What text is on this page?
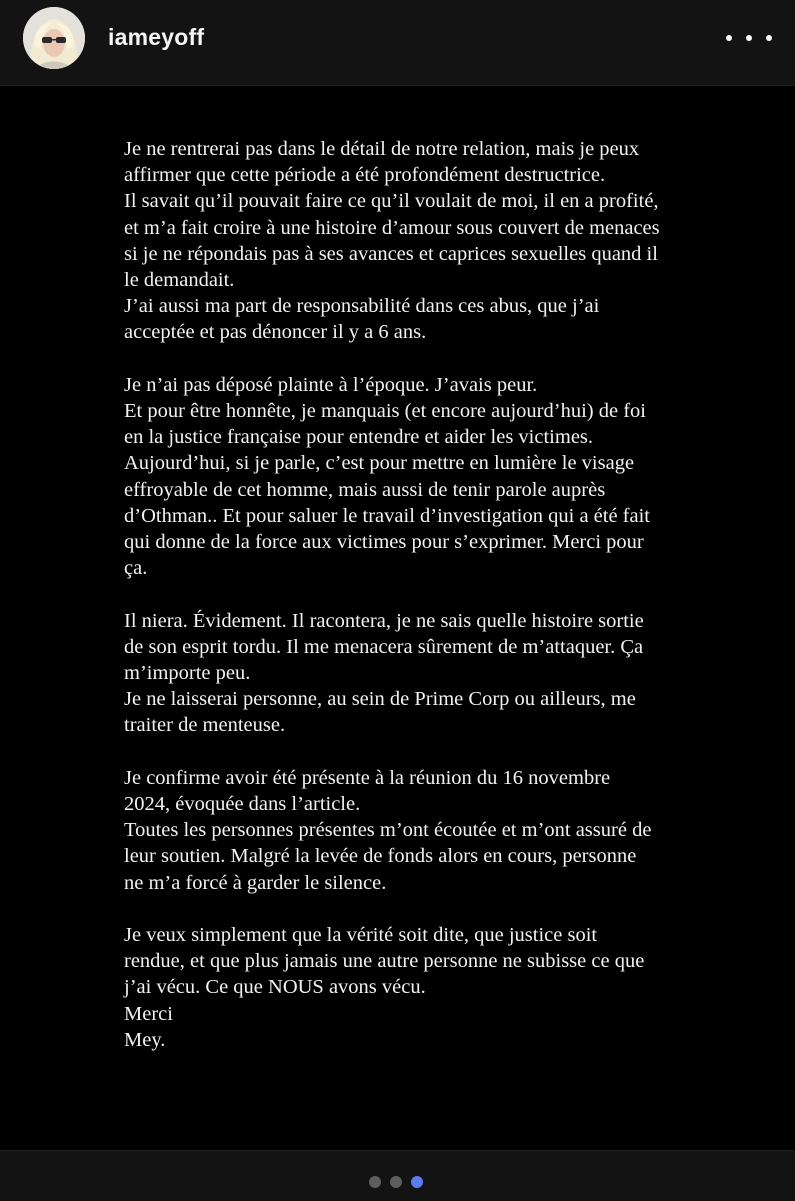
iameyoff
Je ne rentrerai pas dans le détail de notre relation, mais je peux
affirmer que cette période a été profondément destructrice.
Il savait qu’il pouvait faire ce qu’il voulait de moi, il en a profité,
et m’a fait croire à une histoire d’amour sous couvert de menaces
si je ne répondais pas à ses avances et caprices sexuelles quand il
le demandait.
J’ai aussi ma part de responsabilité dans ces abus, que j’ai
acceptée et pas dénoncer il y a 6 ans.
Je n’ai pas déposé plainte à l’époque. J’avais peur.
Et pour être honnête, je manquais (et encore aujourd’hui) de foi
en la justice française pour entendre et aider les victimes.
Aujourd’hui, si je parle, c’est pour mettre en lumière le visage
effroyable de cet homme, mais aussi de tenir parole auprès
d’Othman.. Et pour saluer le travail d’investigation qui a été fait
qui donne de la force aux victimes pour s’exprimer. Merci pour
ça.
Il niera. Évidement. Il racontera, je ne sais quelle histoire sortie
de son esprit tordu. Il me menacera sûrement de m’attaquer. Ça
m’importe peu.
Je ne laisserai personne, au sein de Prime Corp ou ailleurs, me
traiter de menteuse.
Je confirme avoir été présente à la réunion du 16 novembre
2024, évoquée dans l’article.
Toutes les personnes présentes m’ont écoutée et m’ont assuré de
leur soutien. Malgré la levée de fonds alors en cours, personne
ne m’a forcé à garder le silence.
Je veux simplement que la vérité soit dite, que justice soit
rendue, et que plus jamais une autre personne ne subisse ce que
j’ai vécu. Ce que NOUS avons vécu.
Merci
Mey.
